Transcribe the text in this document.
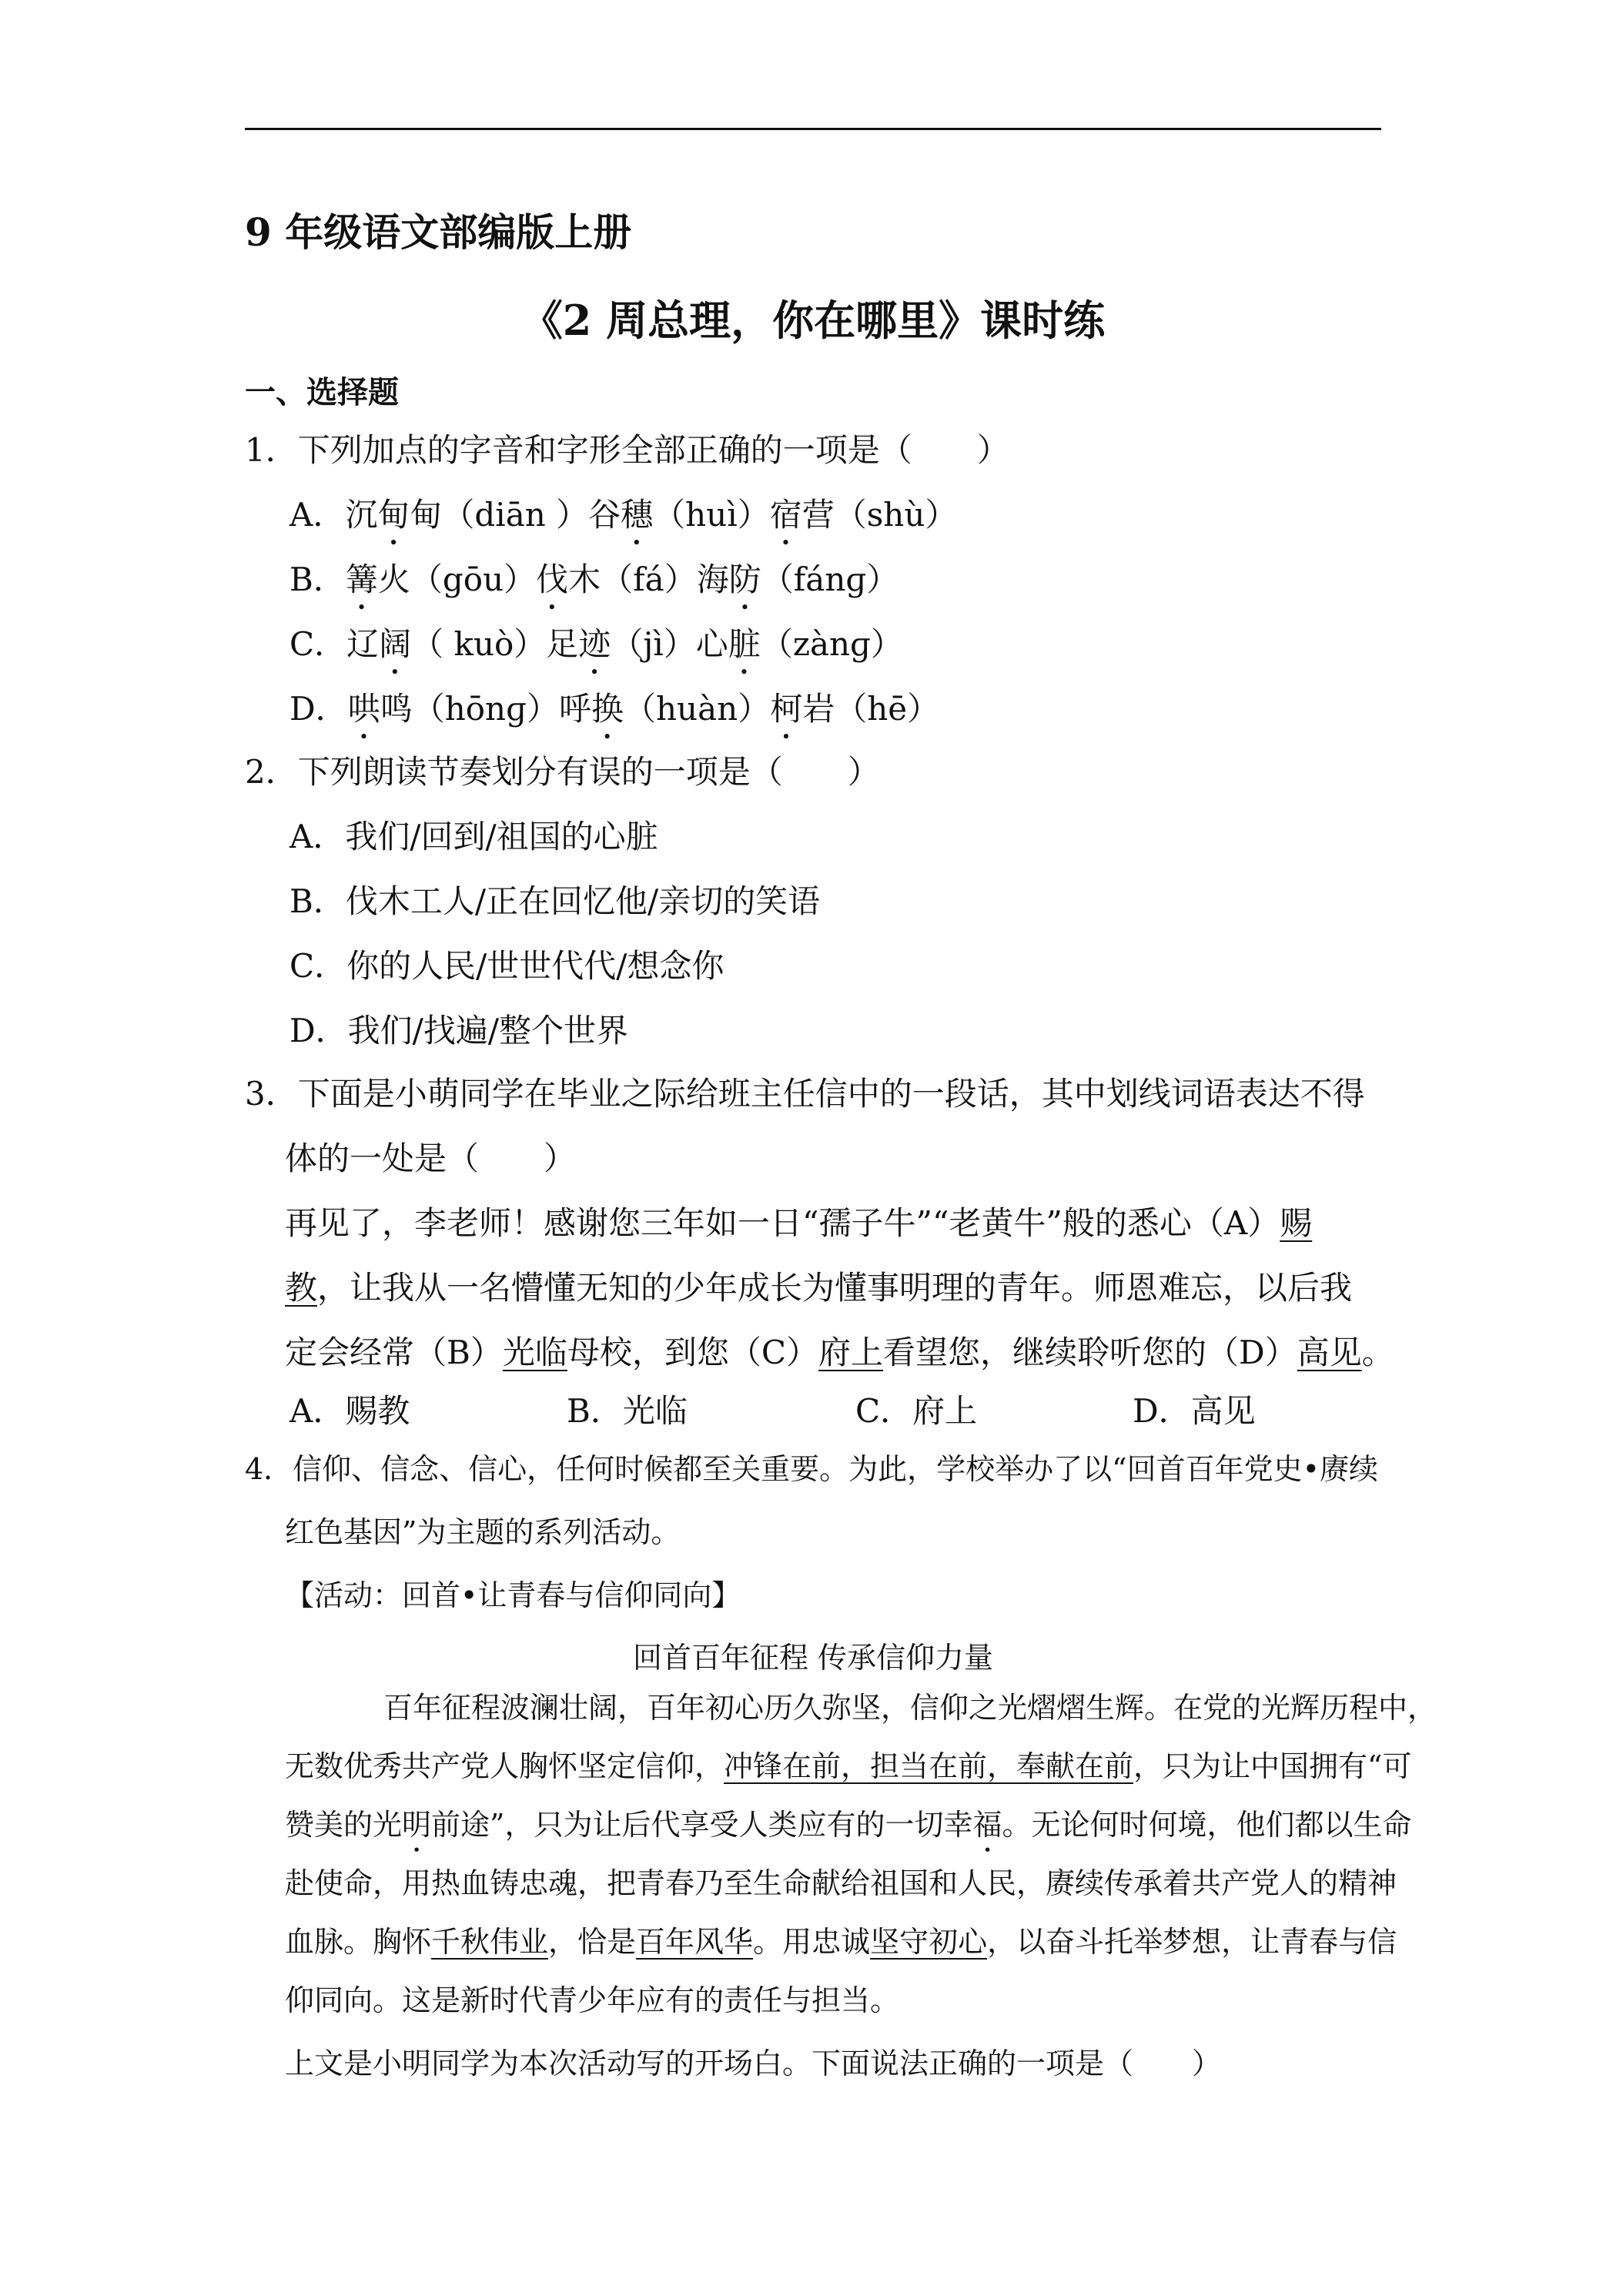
9 年级语文部编版上册
《2 周总理，你在哪里》课时练
一、选择题
1．下列加点的字音和字形全部正确的一项是（　　）
A．沉甸甸（diān ）谷穗（huì）宿营（shù）
B．篝火（gōu）伐木（fá）海防（fánɡ）
C．辽阔（ kuò）足迹（jì）心脏（zànɡ）
D．哄鸣（hōnɡ）呼换（huàn）柯岩（hē）
2．下列朗读节奏划分有误的一项是（　　）
A．我们/回到/祖国的心脏
B．伐木工人/正在回忆他/亲切的笑语
C．你的人民/世世代代/想念你
D．我们/找遍/整个世界
3．下面是小萌同学在毕业之际给班主任信中的一段话，其中划线词语表达不得
体的一处是（　　）
再见了，李老师！感谢您三年如一日“孺子牛”“老黄牛”般的悉心（A）赐
教，让我从一名懵懂无知的少年成长为懂事明理的青年。师恩难忘，以后我
定会经常（B）光临母校，到您（C）府上看望您，继续聆听您的（D）高见。
A．赐教	B．光临	C．府上	D．高见
4．信仰、信念、信心，任何时候都至关重要。为此，学校举办了以“回首百年党史•赓续
红色基因”为主题的系列活动。
【活动：回首•让青春与信仰同向】
回首百年征程 传承信仰力量
百年征程波澜壮阔，百年初心历久弥坚，信仰之光熠熠生辉。在党的光辉历程中，
无数优秀共产党人胸怀坚定信仰，冲锋在前，担当在前，奉献在前，只为让中国拥有“可
赞美的光明前途”，只为让后代享受人类应有的一切幸福。无论何时何境，他们都以生命
赴使命，用热血铸忠魂，把青春乃至生命献给祖国和人民，赓续传承着共产党人的精神
血脉。胸怀千秋伟业，恰是百年风华。用忠诚坚守初心，以奋斗托举梦想，让青春与信
仰同向。这是新时代青少年应有的责任与担当。
上文是小明同学为本次活动写的开场白。下面说法正确的一项是（　　）
